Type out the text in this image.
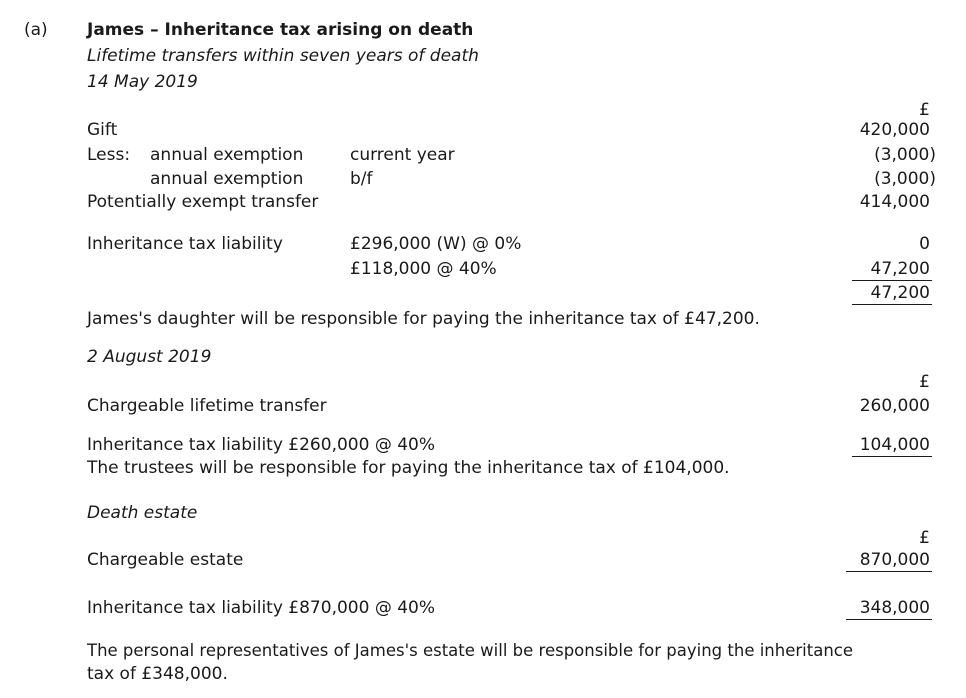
(a) James – Inheritance tax arising on death
Lifetime transfers within seven years of death
14 May 2019
£
Gift	420,000
Less: annual exemption	current year	(3,000)
annual exemption	b/f	(3,000)
Potentially exempt transfer	414,000
Inheritance tax liability	£296,000 (W) @ 0%	0
£118,000 @ 40%	47,200
47,200
James's daughter will be responsible for paying the inheritance tax of £47,200.
2 August 2019
£
Chargeable lifetime transfer	260,000
Inheritance tax liability £260,000 @ 40%	104,000
The trustees will be responsible for paying the inheritance tax of £104,000.
Death estate
£
Chargeable estate	870,000
Inheritance tax liability £870,000 @ 40%	348,000
The personal representatives of James's estate will be responsible for paying the inheritance
tax of £348,000.
